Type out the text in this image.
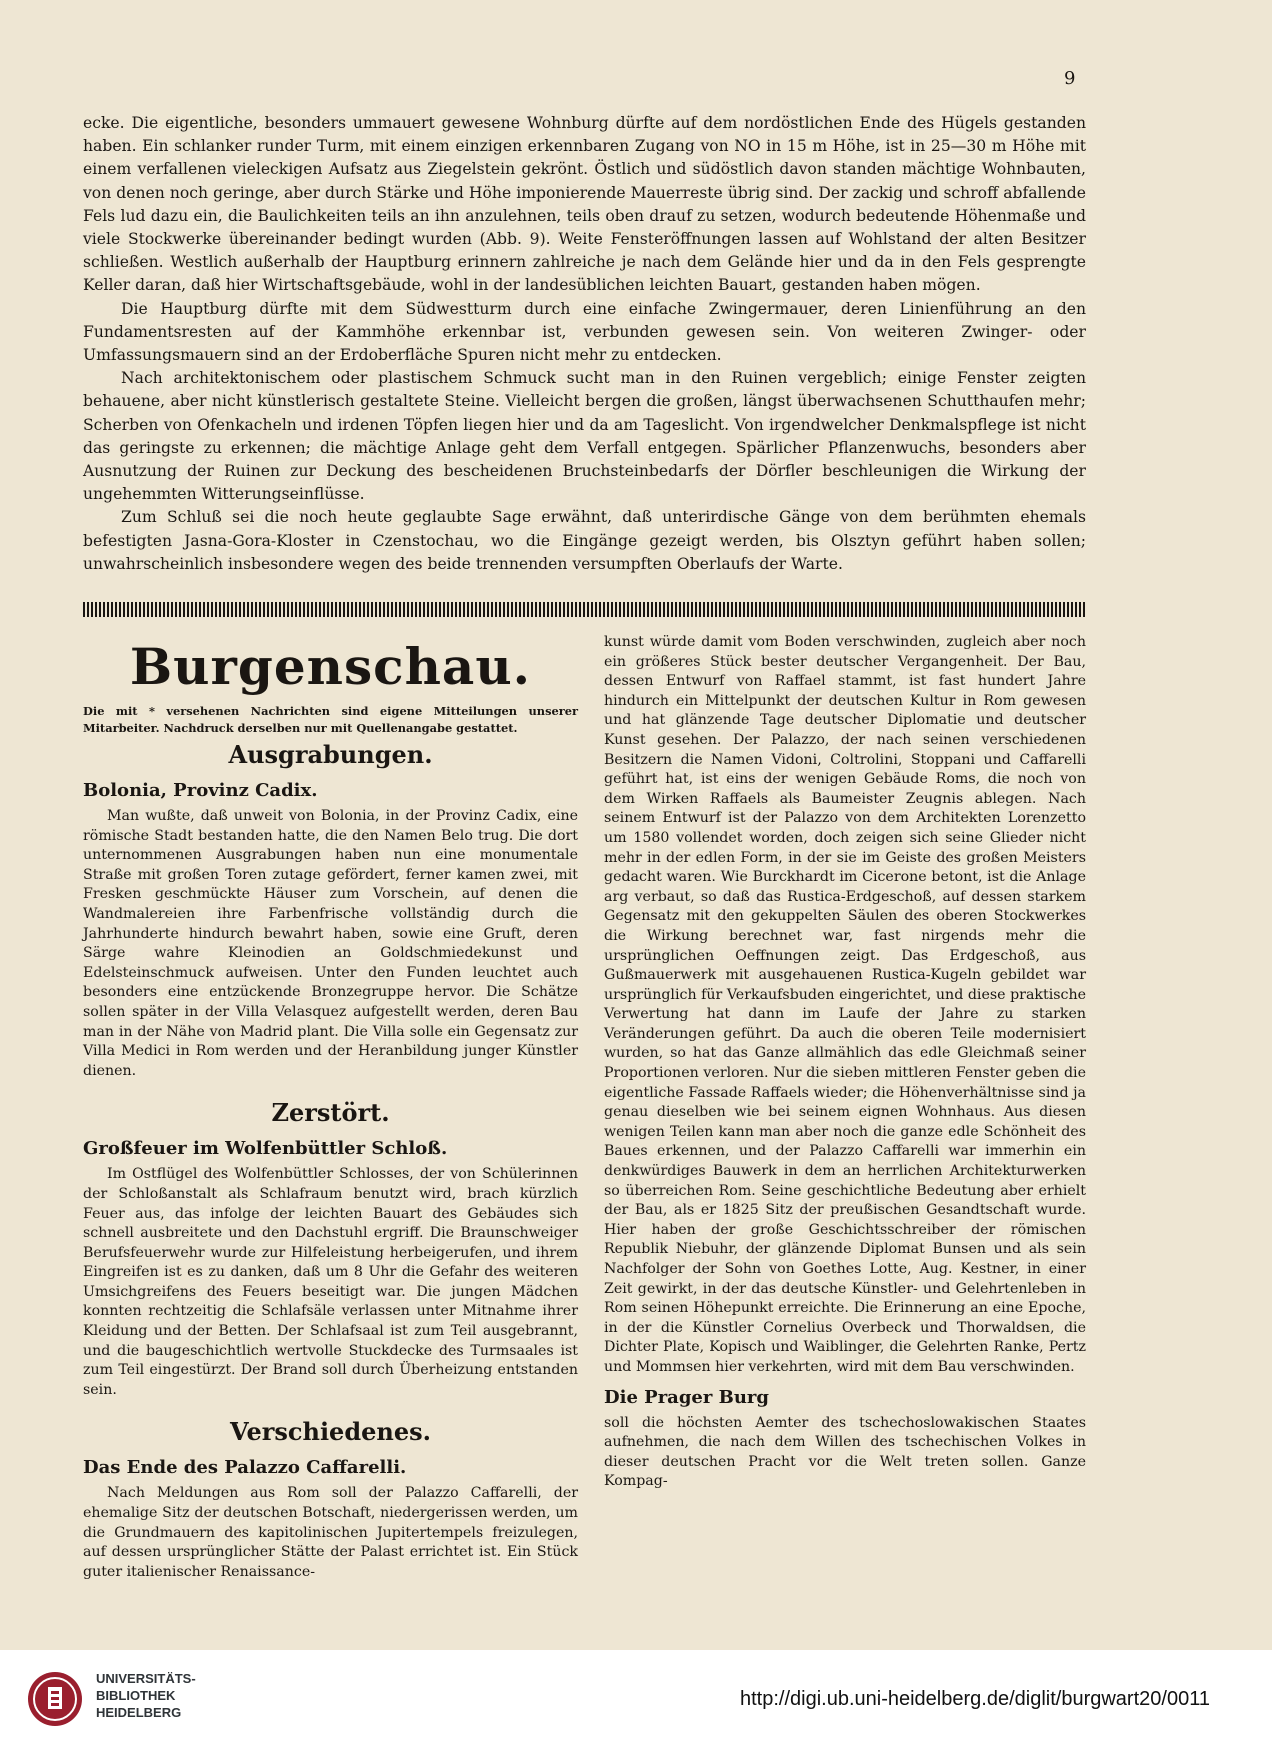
9

ecke. Die eigentliche, besonders ummauert gewesene Wohnburg dürfte auf dem nordöstlichen Ende des Hügels gestanden haben. Ein schlanker runder Turm, mit einem einzigen erkennbaren Zugang von NO in 15 m Höhe, ist in 25—30 m Höhe mit einem verfallenen vieleckigen Aufsatz aus Ziegelstein gekrönt. Östlich und südöstlich davon standen mächtige Wohnbauten, von denen noch geringe, aber durch Stärke und Höhe imponierende Mauerreste übrig sind. Der zackig und schroff abfallende Fels lud dazu ein, die Baulichkeiten teils an ihn anzulehnen, teils oben drauf zu setzen, wodurch bedeutende Höhenmaße und viele Stockwerke übereinander bedingt wurden (Abb. 9). Weite Fensteröffnungen lassen auf Wohlstand der alten Besitzer schließen. Westlich außerhalb der Hauptburg erinnern zahlreiche je nach dem Gelände hier und da in den Fels gesprengte Keller daran, daß hier Wirtschaftsgebäude, wohl in der landesüblichen leichten Bauart, gestanden haben mögen.

Die Hauptburg dürfte mit dem Südwestturm durch eine einfache Zwingermauer, deren Linienführung an den Fundamentsresten auf der Kammhöhe erkennbar ist, verbunden gewesen sein. Von weiteren Zwinger- oder Umfassungsmauern sind an der Erdoberfläche Spuren nicht mehr zu entdecken.

Nach architektonischem oder plastischem Schmuck sucht man in den Ruinen vergeblich; einige Fenster zeigten behauene, aber nicht künstlerisch gestaltete Steine. Vielleicht bergen die großen, längst überwachsenen Schutthaufen mehr; Scherben von Ofenkacheln und irdenen Töpfen liegen hier und da am Tageslicht. Von irgendwelcher Denkmalspflege ist nicht das geringste zu erkennen; die mächtige Anlage geht dem Verfall entgegen. Spärlicher Pflanzenwuchs, besonders aber Ausnutzung der Ruinen zur Deckung des bescheidenen Bruchsteinbedarfs der Dörfler beschleunigen die Wirkung der ungehemmten Witterungseinflüsse.

Zum Schluß sei die noch heute geglaubte Sage erwähnt, daß unterirdische Gänge von dem berühmten ehemals befestigten Jasna-Gora-Kloster in Czenstochau, wo die Eingänge gezeigt werden, bis Olsztyn geführt haben sollen; unwahrscheinlich insbesondere wegen des beide trennenden versumpften Oberlaufs der Warte.

Burgenschau.

Die mit * versehenen Nachrichten sind eigene Mitteilungen unserer Mitarbeiter. Nachdruck derselben nur mit Quellenangabe gestattet.

Ausgrabungen.
Bolonia, Provinz Cadix.

Man wußte, daß unweit von Bolonia, in der Provinz Cadix, eine römische Stadt bestanden hatte, die den Namen Belo trug. Die dort unternommenen Ausgrabungen haben nun eine monumentale Straße mit großen Toren zutage gefördert, ferner kamen zwei, mit Fresken geschmückte Häuser zum Vorschein, auf denen die Wandmalereien ihre Farbenfrische vollständig durch die Jahrhunderte hindurch bewahrt haben, sowie eine Gruft, deren Särge wahre Kleinodien an Goldschmiedekunst und Edelsteinschmuck aufweisen. Unter den Funden leuchtet auch besonders eine entzückende Bronzegruppe hervor. Die Schätze sollen später in der Villa Velasquez aufgestellt werden, deren Bau man in der Nähe von Madrid plant. Die Villa solle ein Gegensatz zur Villa Medici in Rom werden und der Heranbildung junger Künstler dienen.

Zerstört.
Großfeuer im Wolfenbüttler Schloß.

Im Ostflügel des Wolfenbüttler Schlosses, der von Schülerinnen der Schloßanstalt als Schlafraum benutzt wird, brach kürzlich Feuer aus, das infolge der leichten Bauart des Gebäudes sich schnell ausbreitete und den Dachstuhl ergriff. Die Braunschweiger Berufsfeuerwehr wurde zur Hilfeleistung herbeigerufen, und ihrem Eingreifen ist es zu danken, daß um 8 Uhr die Gefahr des weiteren Umsichgreifens des Feuers beseitigt war. Die jungen Mädchen konnten rechtzeitig die Schlafsäle verlassen unter Mitnahme ihrer Kleidung und der Betten. Der Schlafsaal ist zum Teil ausgebrannt, und die baugeschichtlich wertvolle Stuckdecke des Turmsaales ist zum Teil eingestürzt. Der Brand soll durch Überheizung entstanden sein.

Verschiedenes.
Das Ende des Palazzo Caffarelli.

Nach Meldungen aus Rom soll der Palazzo Caffarelli, der ehemalige Sitz der deutschen Botschaft, niedergerissen werden, um die Grundmauern des kapitolinischen Jupitertempels freizulegen, auf dessen ursprünglicher Stätte der Palast errichtet ist. Ein Stück guter italienischer Renaissance-

kunst würde damit vom Boden verschwinden, zugleich aber noch ein größeres Stück bester deutscher Vergangenheit. Der Bau, dessen Entwurf von Raffael stammt, ist fast hundert Jahre hindurch ein Mittelpunkt der deutschen Kultur in Rom gewesen und hat glänzende Tage deutscher Diplomatie und deutscher Kunst gesehen. Der Palazzo, der nach seinen verschiedenen Besitzern die Namen Vidoni, Coltrolini, Stoppani und Caffarelli geführt hat, ist eins der wenigen Gebäude Roms, die noch von dem Wirken Raffaels als Baumeister Zeugnis ablegen. Nach seinem Entwurf ist der Palazzo von dem Architekten Lorenzetto um 1580 vollendet worden, doch zeigen sich seine Glieder nicht mehr in der edlen Form, in der sie im Geiste des großen Meisters gedacht waren. Wie Burckhardt im Cicerone betont, ist die Anlage arg verbaut, so daß das Rustica-Erdgeschoß, auf dessen starkem Gegensatz mit den gekuppelten Säulen des oberen Stockwerkes die Wirkung berechnet war, fast nirgends mehr die ursprünglichen Oeffnungen zeigt. Das Erdgeschoß, aus Gußmauerwerk mit ausgehauenen Rustica-Kugeln gebildet war ursprünglich für Verkaufsbuden eingerichtet, und diese praktische Verwertung hat dann im Laufe der Jahre zu starken Veränderungen geführt. Da auch die oberen Teile modernisiert wurden, so hat das Ganze allmählich das edle Gleichmaß seiner Proportionen verloren. Nur die sieben mittleren Fenster geben die eigentliche Fassade Raffaels wieder; die Höhenverhältnisse sind ja genau dieselben wie bei seinem eignen Wohnhaus. Aus diesen wenigen Teilen kann man aber noch die ganze edle Schönheit des Baues erkennen, und der Palazzo Caffarelli war immerhin ein denkwürdiges Bauwerk in dem an herrlichen Architekturwerken so überreichen Rom. Seine geschichtliche Bedeutung aber erhielt der Bau, als er 1825 Sitz der preußischen Gesandtschaft wurde. Hier haben der große Geschichtsschreiber der römischen Republik Niebuhr, der glänzende Diplomat Bunsen und als sein Nachfolger der Sohn von Goethes Lotte, Aug. Kestner, in einer Zeit gewirkt, in der das deutsche Künstler- und Gelehrtenleben in Rom seinen Höhepunkt erreichte. Die Erinnerung an eine Epoche, in der die Künstler Cornelius Overbeck und Thorwaldsen, die Dichter Plate, Kopisch und Waiblinger, die Gelehrten Ranke, Pertz und Mommsen hier verkehrten, wird mit dem Bau verschwinden.

Die Prager Burg

soll die höchsten Aemter des tschechoslowakischen Staates aufnehmen, die nach dem Willen des tschechischen Volkes in dieser deutschen Pracht vor die Welt treten sollen. Ganze Kompag-

UNIVERSITÄTS-
BIBLIOTHEK
HEIDELBERG
http://digi.ub.uni-heidelberg.de/diglit/burgwart20/0011
